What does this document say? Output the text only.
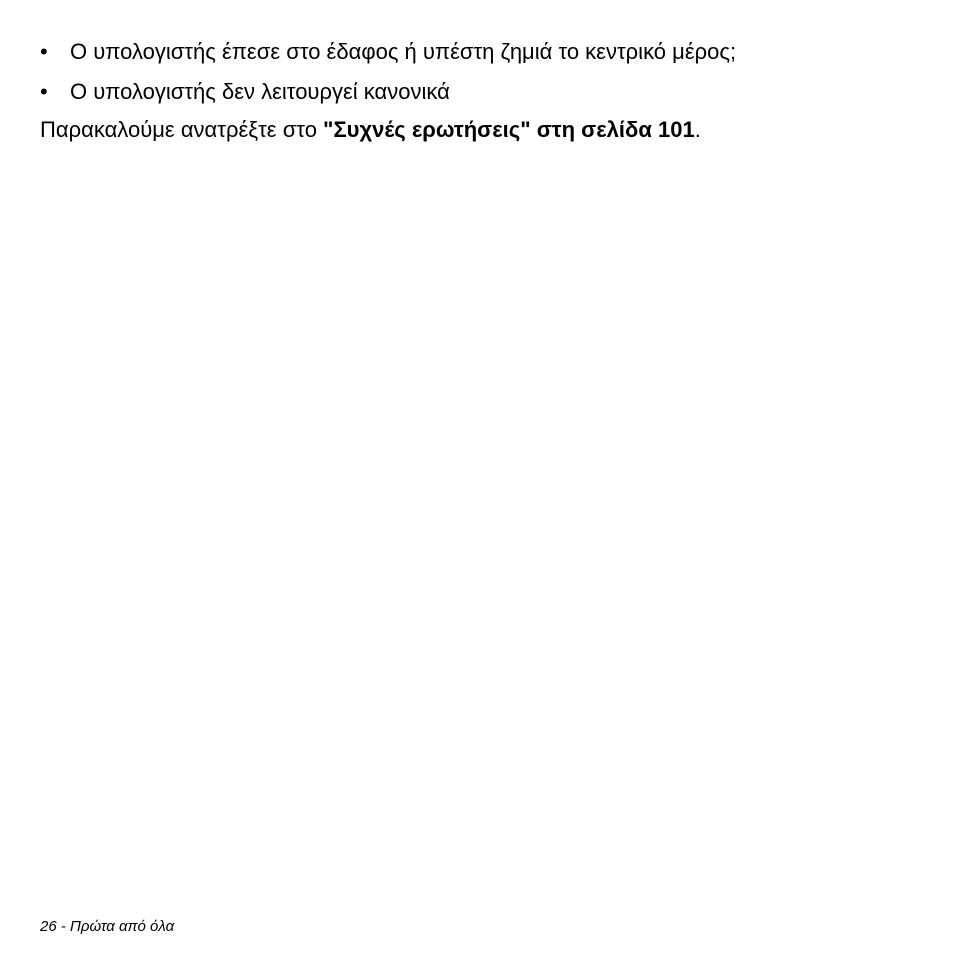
• Ο υπολογιστής έπεσε στο έδαφος ή υπέστη ζημιά το κεντρικό μέρος;
• Ο υπολογιστής δεν λειτουργεί κανονικά

Παρακαλούμε ανατρέξτε στο "Συχνές ερωτήσεις" στη σελίδα 101.

26 - Πρώτα από όλα
